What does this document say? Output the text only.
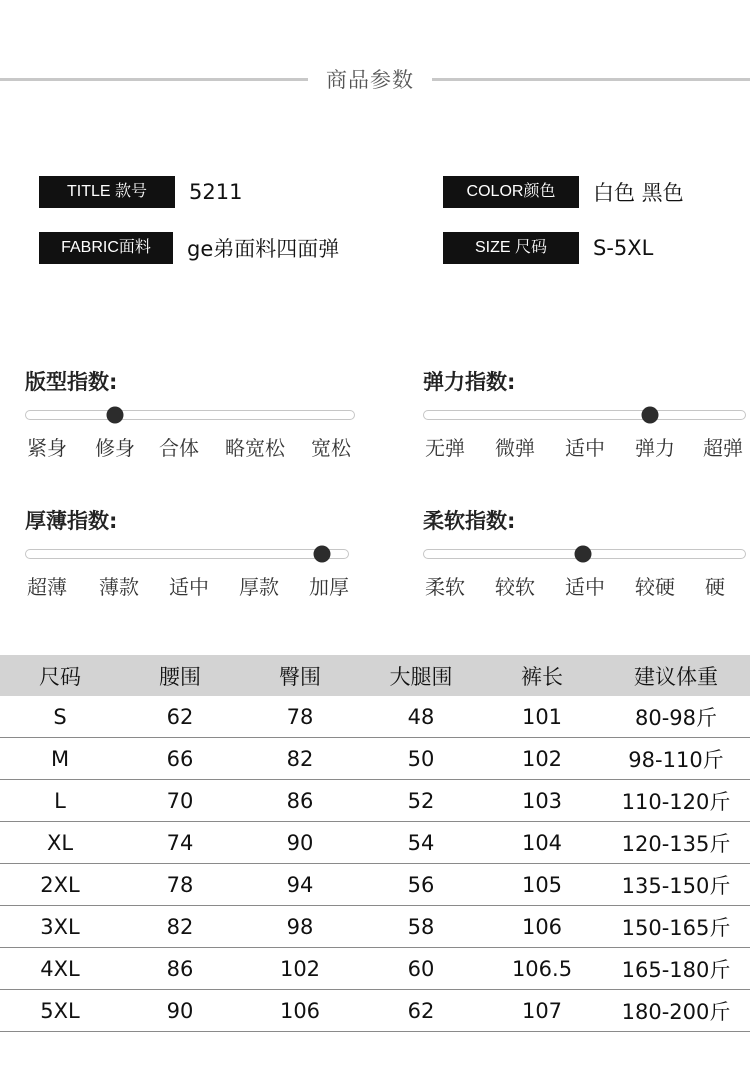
商品参数
TITLE 款号	5211	COLOR颜色	白色 黑色
FABRIC面料	ge弟面料四面弹	SIZE 尺码	S-5XL
版型指数:
紧身 修身 合体 略宽松 宽松
弹力指数:
无弹 微弹 适中 弹力 超弹
厚薄指数:
超薄 薄款 适中 厚款 加厚
柔软指数:
柔软 较软 适中 较硬 硬
尺码	腰围	臀围	大腿围	裤长	建议体重
S	62	78	48	101	80-98斤
M	66	82	50	102	98-110斤
L	70	86	52	103	110-120斤
XL	74	90	54	104	120-135斤
2XL	78	94	56	105	135-150斤
3XL	82	98	58	106	150-165斤
4XL	86	102	60	106.5	165-180斤
5XL	90	106	62	107	180-200斤
